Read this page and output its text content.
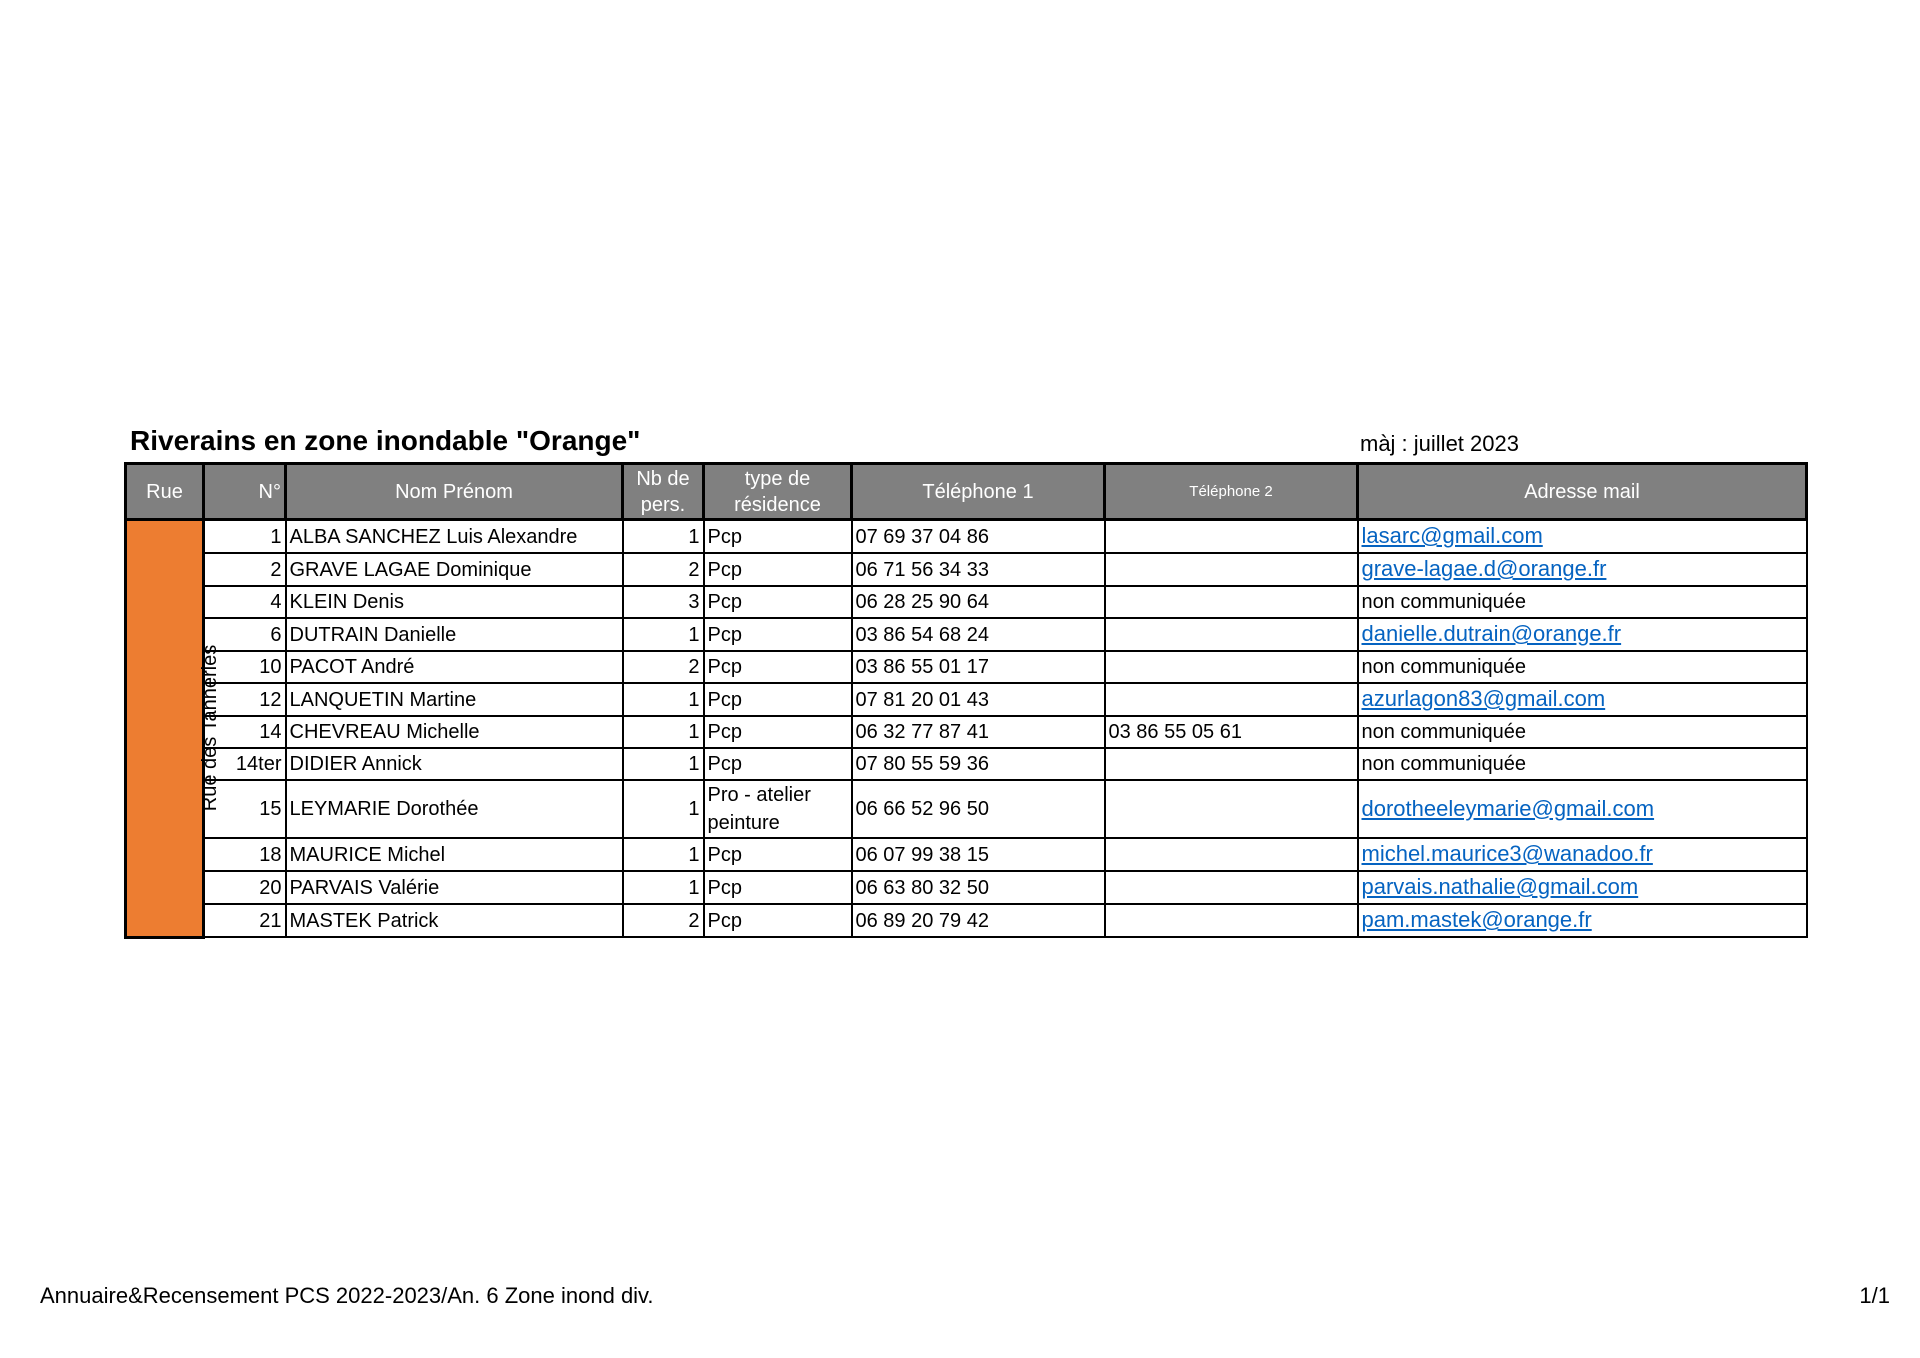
Riverains en zone inondable "Orange"	màj : juillet 2023
Rue	N°	Nom Prénom	Nb de pers.	type de résidence	Téléphone 1	Téléphone 2	Adresse mail
Rue des Tanneries	1	ALBA SANCHEZ Luis Alexandre	1	Pcp	07 69 37 04 86		lasarc@gmail.com
	2	GRAVE LAGAE Dominique	2	Pcp	06 71 56 34 33		grave-lagae.d@orange.fr
	4	KLEIN Denis	3	Pcp	06 28 25 90 64		non communiquée
	6	DUTRAIN Danielle	1	Pcp	03 86 54 68 24		danielle.dutrain@orange.fr
	10	PACOT André	2	Pcp	03 86 55 01 17		non communiquée
	12	LANQUETIN Martine	1	Pcp	07 81 20 01 43		azurlagon83@gmail.com
	14	CHEVREAU Michelle	1	Pcp	06 32 77 87 41	03 86 55 05 61	non communiquée
	14ter	DIDIER Annick	1	Pcp	07 80 55 59 36		non communiquée
	15	LEYMARIE Dorothée	1	Pro - atelier peinture	06 66 52 96 50		dorotheeleymarie@gmail.com
	18	MAURICE Michel	1	Pcp	06 07 99 38 15		michel.maurice3@wanadoo.fr
	20	PARVAIS Valérie	1	Pcp	06 63 80 32 50		parvais.nathalie@gmail.com
	21	MASTEK Patrick	2	Pcp	06 89 20 79 42		pam.mastek@orange.fr
Annuaire&Recensement PCS 2022-2023/An. 6 Zone inond div.	1/1
